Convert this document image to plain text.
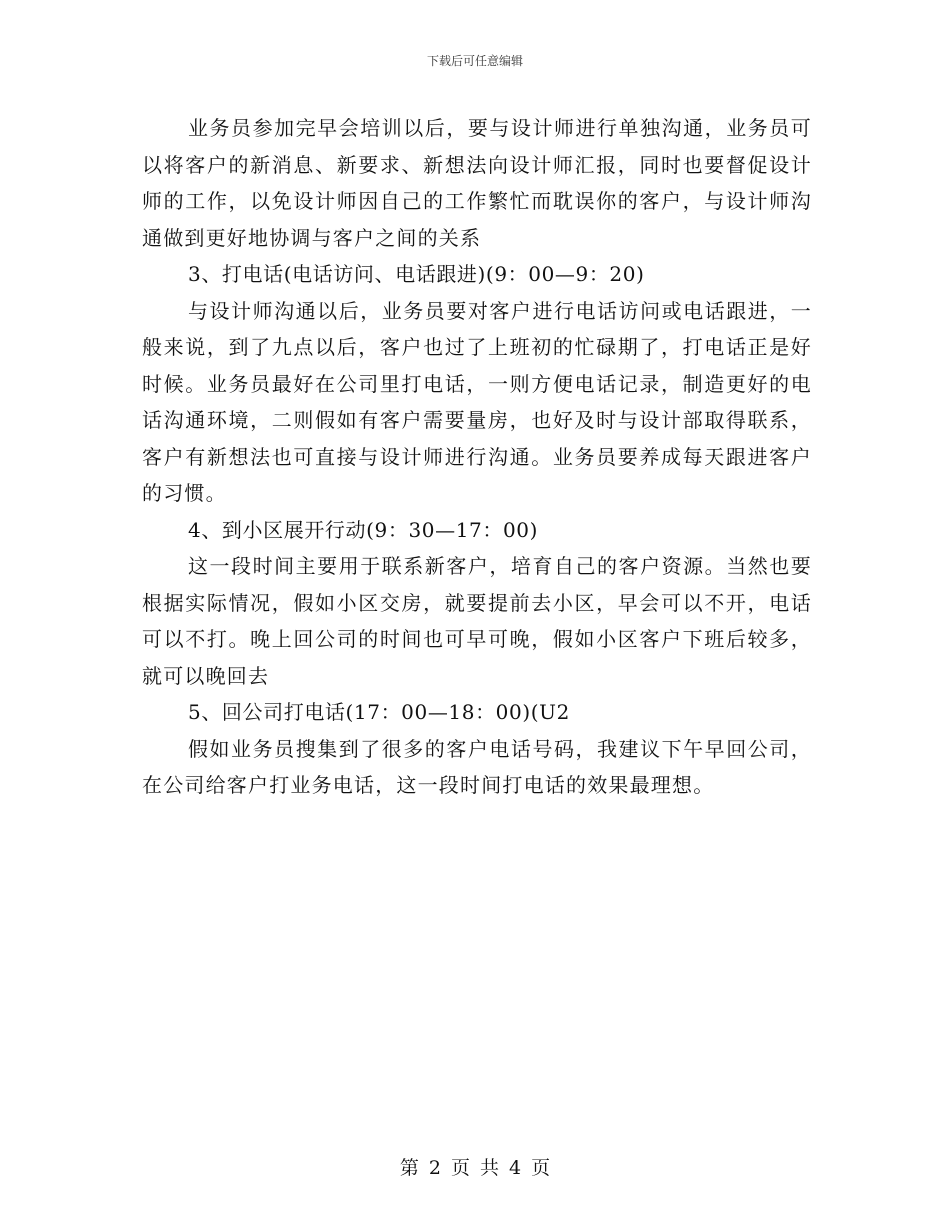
下载后可任意编辑

业务员参加完早会培训以后，要与设计师进行单独沟通，业务员可以将客户的新消息、新要求、新想法向设计师汇报，同时也要督促设计师的工作，以免设计师因自己的工作繁忙而耽误你的客户，与设计师沟通做到更好地协调与客户之间的关系

3、打电话(电话访问、电话跟进)(9：00—9：20)

与设计师沟通以后，业务员要对客户进行电话访问或电话跟进，一般来说，到了九点以后，客户也过了上班初的忙碌期了，打电话正是好时候。业务员最好在公司里打电话，一则方便电话记录，制造更好的电话沟通环境，二则假如有客户需要量房，也好及时与设计部取得联系，客户有新想法也可直接与设计师进行沟通。业务员要养成每天跟进客户的习惯。

4、到小区展开行动(9：30—17：00)

这一段时间主要用于联系新客户，培育自己的客户资源。当然也要根据实际情况，假如小区交房，就要提前去小区，早会可以不开，电话可以不打。晚上回公司的时间也可早可晚，假如小区客户下班后较多，就可以晚回去

5、回公司打电话(17：00—18：00)(U2

假如业务员搜集到了很多的客户电话号码，我建议下午早回公司，在公司给客户打业务电话，这一段时间打电话的效果最理想。

第 2 页 共 4 页
